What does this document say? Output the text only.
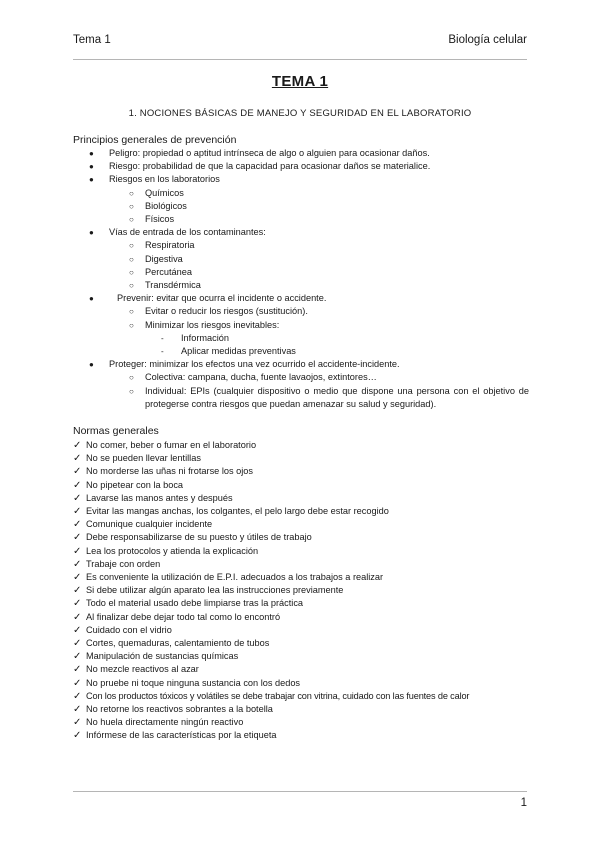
Tema 1	Biología celular
TEMA 1
1. NOCIONES BÁSICAS DE MANEJO Y SEGURIDAD EN EL LABORATORIO
Principios generales de prevención
● Peligro: propiedad o aptitud intrínseca de algo o alguien para ocasionar daños.
● Riesgo: probabilidad de que la capacidad para ocasionar daños se materialice.
● Riesgos en los laboratorios
○ Químicos
○ Biológicos
○ Físicos
● Vías de entrada de los contaminantes:
○ Respiratoria
○ Digestiva
○ Percutánea
○ Transdérmica
●	Prevenir: evitar que ocurra el incidente o accidente.
○ Evitar o reducir los riesgos (sustitución).
○ Minimizar los riesgos inevitables:
- Información
- Aplicar medidas preventivas
● Proteger: minimizar los efectos una vez ocurrido el accidente-incidente.
○ Colectiva: campana, ducha, fuente lavaojos, extintores…
○ Individual: EPIs (cualquier dispositivo o medio que dispone una persona con el objetivo de protegerse contra riesgos que puedan amenazar su salud y seguridad).
Normas generales
✓ No comer, beber o fumar en el laboratorio
✓ No se pueden llevar lentillas
✓ No morderse las uñas ni frotarse los ojos
✓ No pipetear con la boca
✓ Lavarse las manos antes y después
✓ Evitar las mangas anchas, los colgantes, el pelo largo debe estar recogido
✓ Comunique cualquier incidente
✓ Debe responsabilizarse de su puesto y útiles de trabajo
✓ Lea los protocolos y atienda la explicación
✓ Trabaje con orden
✓ Es conveniente la utilización de E.P.I. adecuados a los trabajos a realizar
✓ Si debe utilizar algún aparato lea las instrucciones previamente
✓ Todo el material usado debe limpiarse tras la práctica
✓ Al finalizar debe dejar todo tal como lo encontró
✓ Cuidado con el vidrio
✓ Cortes, quemaduras, calentamiento de tubos
✓ Manipulación de sustancias químicas
✓ No mezcle reactivos al azar
✓ No pruebe ni toque ninguna sustancia con los dedos
✓ Con los productos tóxicos y volátiles se debe trabajar con vitrina, cuidado con las fuentes de calor
✓ No retorne los reactivos sobrantes a la botella
✓ No huela directamente ningún reactivo
✓ Infórmese de las características por la etiqueta
1
